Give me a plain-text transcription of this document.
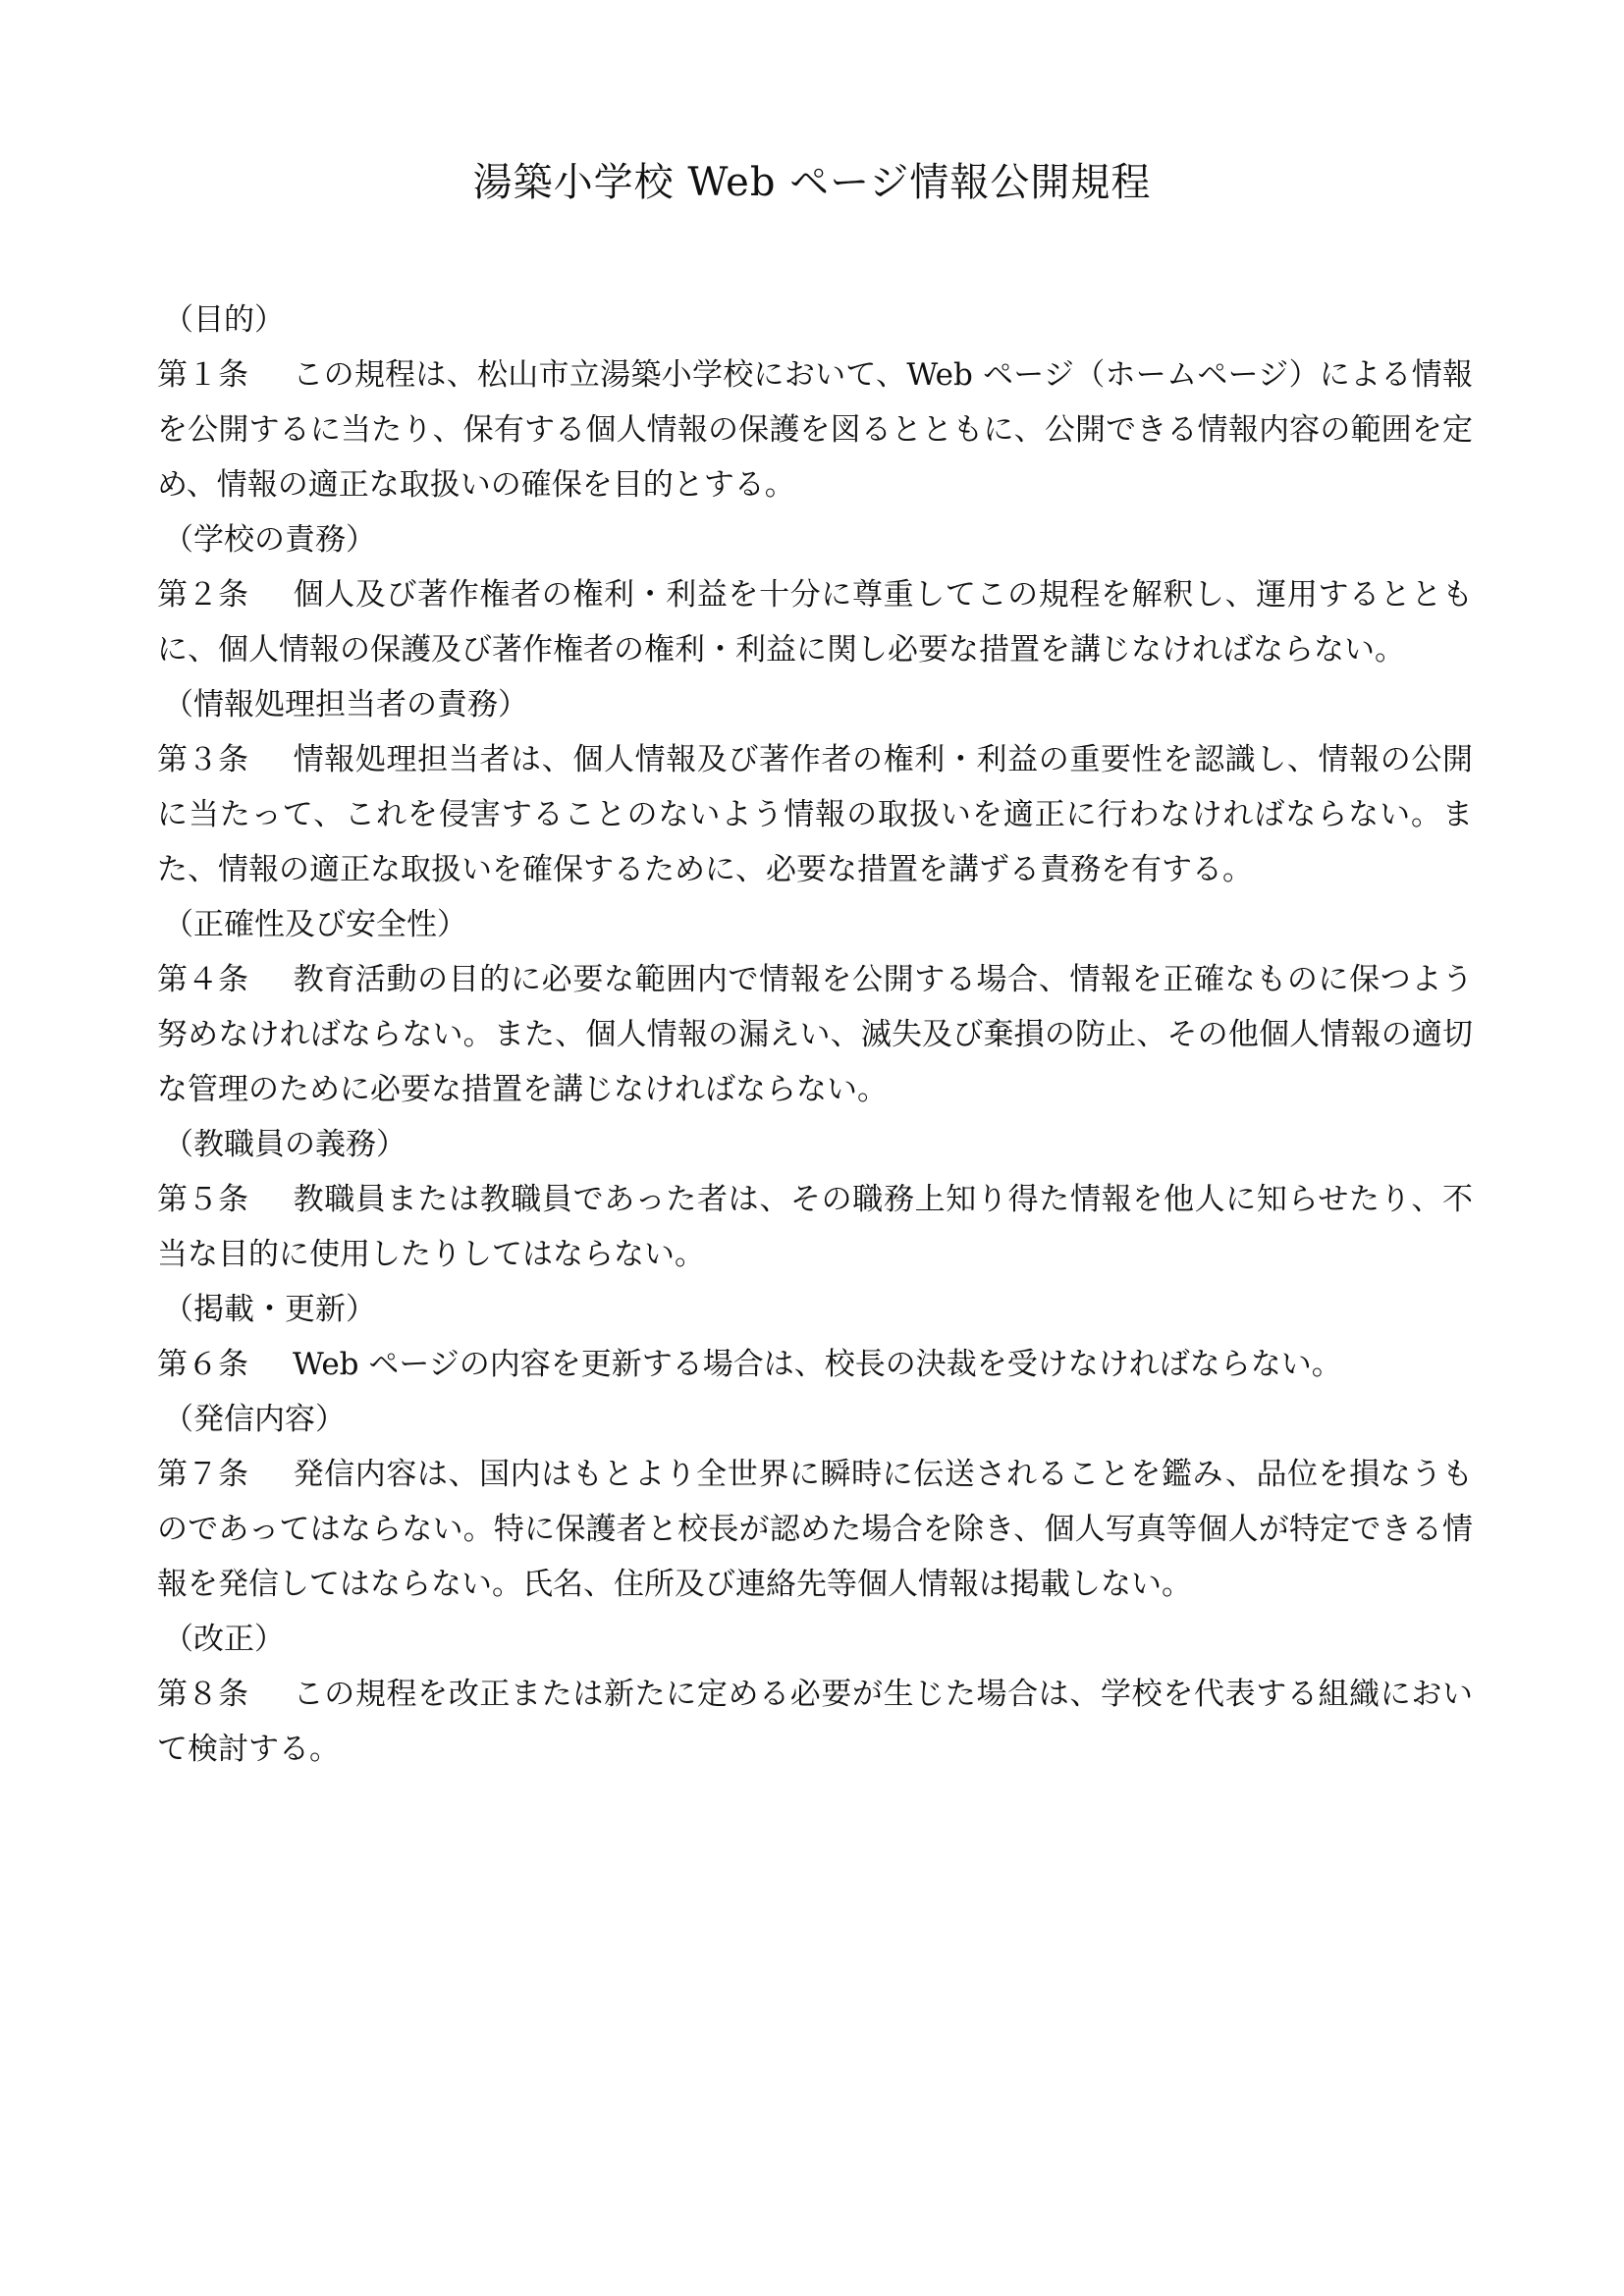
湯築小学校 Web ページ情報公開規程
（目的）

第１条 この規程は、松山市立湯築小学校において、Web ページ（ホームページ）による情報を公開するに当たり、保有する個人情報の保護を図るとともに、公開できる情報内容の範囲を定め、情報の適正な取扱いの確保を目的とする。

（学校の責務）

第２条 個人及び著作権者の権利・利益を十分に尊重してこの規程を解釈し、運用するとともに、個人情報の保護及び著作権者の権利・利益に関し必要な措置を講じなければならない。

（情報処理担当者の責務）

第３条 情報処理担当者は、個人情報及び著作者の権利・利益の重要性を認識し、情報の公開に当たって、これを侵害することのないよう情報の取扱いを適正に行わなければならない。また、情報の適正な取扱いを確保するために、必要な措置を講ずる責務を有する。

（正確性及び安全性）

第４条 教育活動の目的に必要な範囲内で情報を公開する場合、情報を正確なものに保つよう努めなければならない。また、個人情報の漏えい、滅失及び棄損の防止、その他個人情報の適切な管理のために必要な措置を講じなければならない。

（教職員の義務）

第５条 教職員または教職員であった者は、その職務上知り得た情報を他人に知らせたり、不当な目的に使用したりしてはならない。

（掲載・更新）

第６条 Web ページの内容を更新する場合は、校長の決裁を受けなければならない。

（発信内容）

第７条 発信内容は、国内はもとより全世界に瞬時に伝送されることを鑑み、品位を損なうものであってはならない。特に保護者と校長が認めた場合を除き、個人写真等個人が特定できる情報を発信してはならない。氏名、住所及び連絡先等個人情報は掲載しない。

（改正）

第８条 この規程を改正または新たに定める必要が生じた場合は、学校を代表する組織において検討する。
